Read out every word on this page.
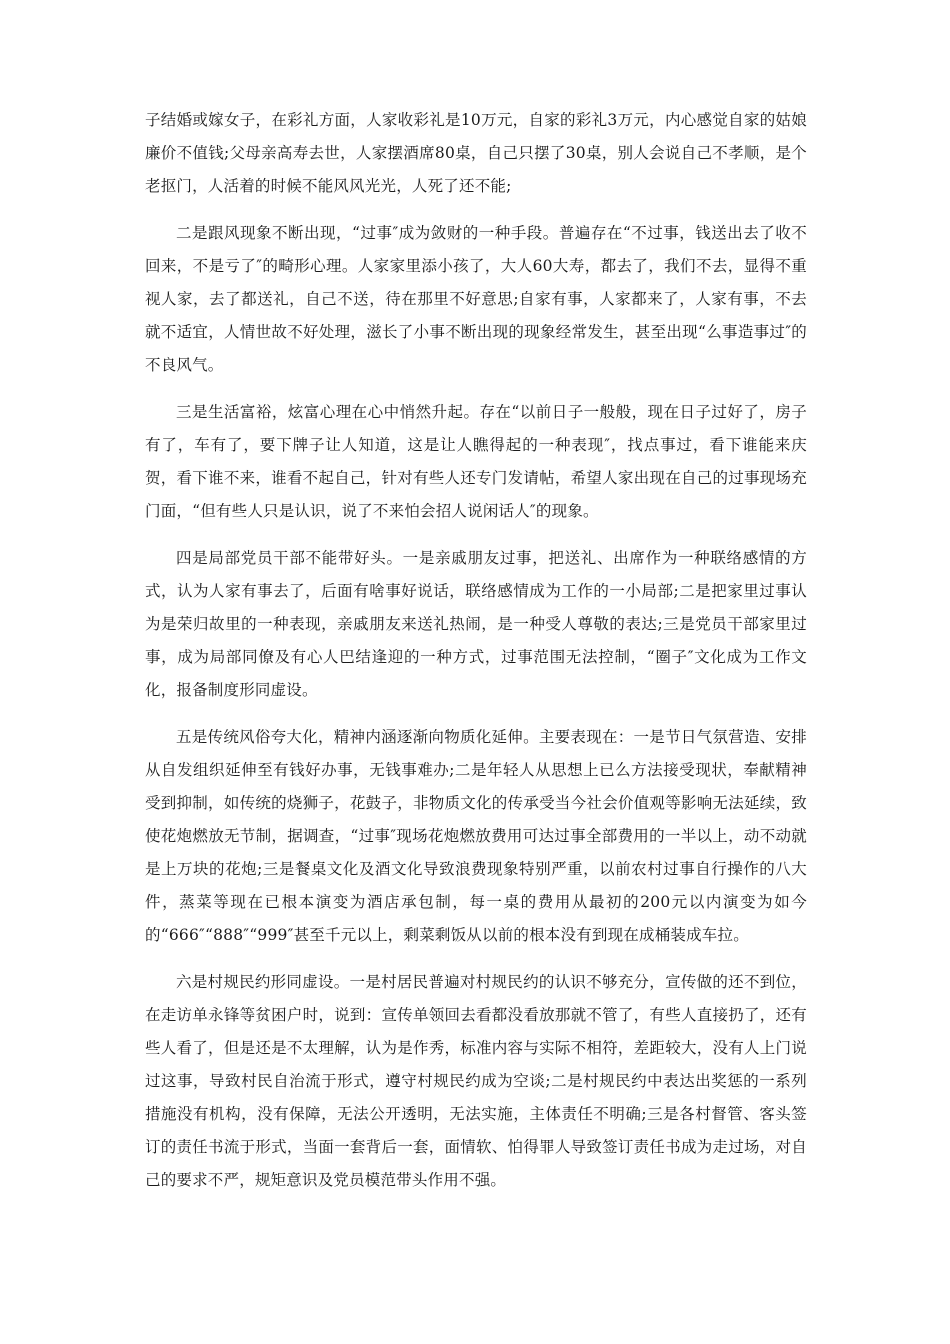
子结婚或嫁女子，在彩礼方面，人家收彩礼是10万元，自家的彩礼3万元，内心感觉自家的姑娘廉价不值钱;父母亲高寿去世，人家摆酒席80桌，自己只摆了30桌，别人会说自己不孝顺，是个老抠门，人活着的时候不能风风光光，人死了还不能;

二是跟风现象不断出现，“过事″成为敛财的一种手段。普遍存在“不过事，钱送出去了收不回来，不是亏了″的畸形心理。人家家里添小孩了，大人60大寿，都去了，我们不去，显得不重视人家，去了都送礼，自己不送，待在那里不好意思;自家有事，人家都来了，人家有事，不去就不适宜，人情世故不好处理，滋长了小事不断出现的现象经常发生，甚至出现“么事造事过″的不良风气。

三是生活富裕，炫富心理在心中悄然升起。存在“以前日子一般般，现在日子过好了，房子有了，车有了，要下牌子让人知道，这是让人瞧得起的一种表现″，找点事过，看下谁能来庆贺，看下谁不来，谁看不起自己，针对有些人还专门发请帖，希望人家出现在自己的过事现场充门面，“但有些人只是认识，说了不来怕会招人说闲话人″的现象。

四是局部党员干部不能带好头。一是亲戚朋友过事，把送礼、出席作为一种联络感情的方式，认为人家有事去了，后面有啥事好说话，联络感情成为工作的一小局部;二是把家里过事认为是荣归故里的一种表现，亲戚朋友来送礼热闹，是一种受人尊敬的表达;三是党员干部家里过事，成为局部同僚及有心人巴结逢迎的一种方式，过事范围无法控制，“圈子″文化成为工作文化，报备制度形同虚设。

五是传统风俗夸大化，精神内涵逐渐向物质化延伸。主要表现在：一是节日气氛营造、安排从自发组织延伸至有钱好办事，无钱事难办;二是年轻人从思想上已么方法接受现状，奉献精神受到抑制，如传统的烧狮子，花鼓子，非物质文化的传承受当今社会价值观等影响无法延续，致使花炮燃放无节制，据调查，“过事″现场花炮燃放费用可达过事全部费用的一半以上，动不动就是上万块的花炮;三是餐桌文化及酒文化导致浪费现象特别严重，以前农村过事自行操作的八大件，蒸菜等现在已根本演变为酒店承包制，每一桌的费用从最初的200元以内演变为如今的“666″“888″“999″甚至千元以上，剩菜剩饭从以前的根本没有到现在成桶装成车拉。

六是村规民约形同虚设。一是村居民普遍对村规民约的认识不够充分，宣传做的还不到位，在走访单永锋等贫困户时，说到：宣传单领回去看都没看放那就不管了，有些人直接扔了，还有些人看了，但是还是不太理解，认为是作秀，标准内容与实际不相符，差距较大，没有人上门说过这事，导致村民自治流于形式，遵守村规民约成为空谈;二是村规民约中表达出奖惩的一系列措施没有机构，没有保障，无法公开透明，无法实施，主体责任不明确;三是各村督管、客头签订的责任书流于形式，当面一套背后一套，面情软、怕得罪人导致签订责任书成为走过场，对自己的要求不严，规矩意识及党员模范带头作用不强。
